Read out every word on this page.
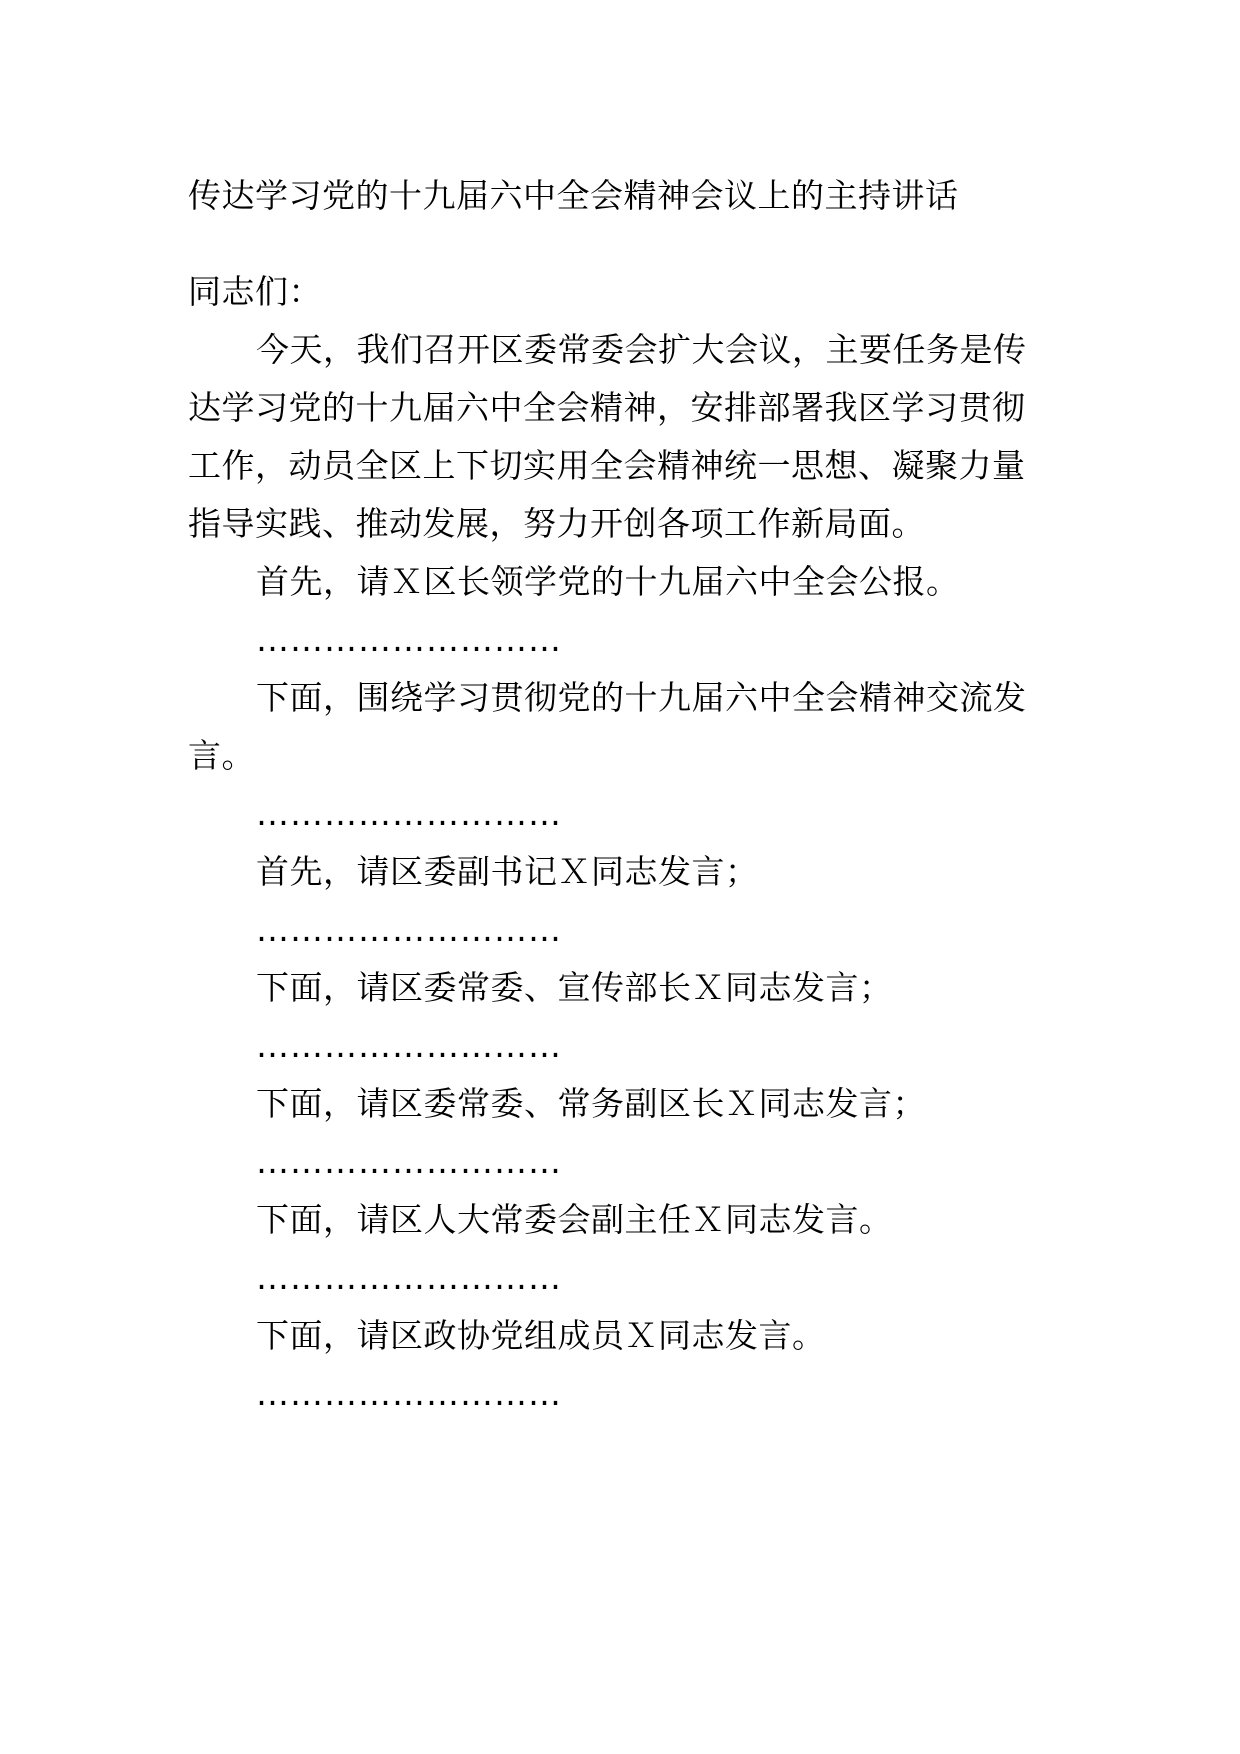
传达学习党的十九届六中全会精神会议上的主持讲话
同志们：
今天，我们召开区委常委会扩大会议，主要任务是传
达学习党的十九届六中全会精神，安排部署我区学习贯彻
工作，动员全区上下切实用全会精神统一思想、凝聚力量
指导实践、推动发展，努力开创各项工作新局面。
首先，请Ｘ区长领学党的十九届六中全会公报。
………………………
下面，围绕学习贯彻党的十九届六中全会精神交流发
言。
………………………
首先，请区委副书记Ｘ同志发言；
………………………
下面，请区委常委、宣传部长Ｘ同志发言；
………………………
下面，请区委常委、常务副区长Ｘ同志发言；
………………………
下面，请区人大常委会副主任Ｘ同志发言。
………………………
下面，请区政协党组成员Ｘ同志发言。
………………………
